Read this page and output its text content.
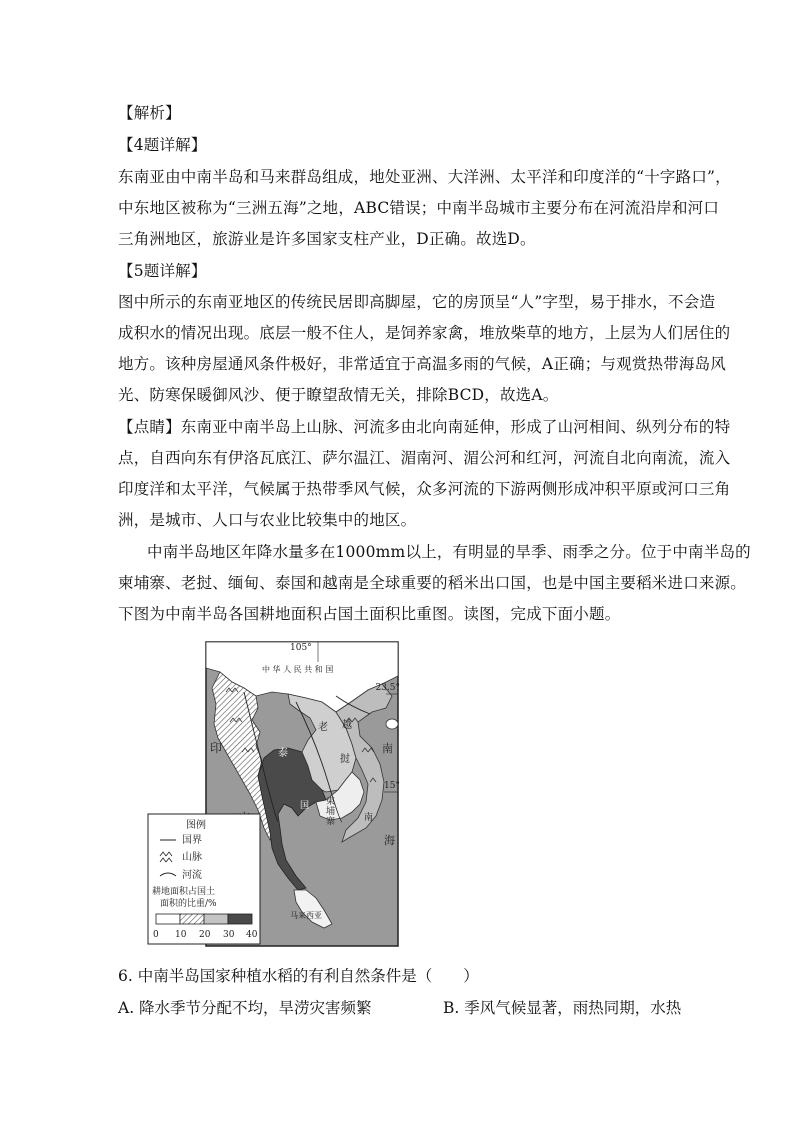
【解析】
【4题详解】
东南亚由中南半岛和马来群岛组成，地处亚洲、大洋洲、太平洋和印度洋的“十字路口”，
中东地区被称为“三洲五海”之地，ABC错误；中南半岛城市主要分布在河流沿岸和河口
三角洲地区，旅游业是许多国家支柱产业，D正确。故选D。
【5题详解】
图中所示的东南亚地区的传统民居即高脚屋，它的房顶呈“人”字型，易于排水，不会造
成积水的情况出现。底层一般不住人，是饲养家禽，堆放柴草的地方，上层为人们居住的
地方。该种房屋通风条件极好，非常适宜于高温多雨的气候，A正确；与观赏热带海岛风
光、防寒保暖御风沙、便于瞭望敌情无关，排除BCD，故选A。
【点睛】东南亚中南半岛上山脉、河流多由北向南延伸，形成了山河相间、纵列分布的特
点，自西向东有伊洛瓦底江、萨尔温江、湄南河、湄公河和红河，河流自北向南流，流入
印度洋和太平洋，气候属于热带季风气候，众多河流的下游两侧形成冲积平原或河口三角
洲，是城市、人口与农业比较集中的地区。
中南半岛地区年降水量多在1000mm以上，有明显的旱季、雨季之分。位于中南半岛的
柬埔寨、老挝、缅甸、泰国和越南是全球重要的稻米出口国，也是中国主要稻米进口来源。
下图为中南半岛各国耕地面积占国土面积比重图。读图，完成下面小题。
105°
23.5°
15°
中 华 人 民 共 和 国
印	泰
国
老
挝
越
柬
埔
寨	南
南
海
马来西亚
图例
国界
山脉
河流
耕地面积占国土
面积的比重/%
0 10 20 30 40
6. 中南半岛国家种植水稻的有利自然条件是（　　）
A. 降水季节分配不均，旱涝灾害频繁	B. 季风气候显著，雨热同期，水热
